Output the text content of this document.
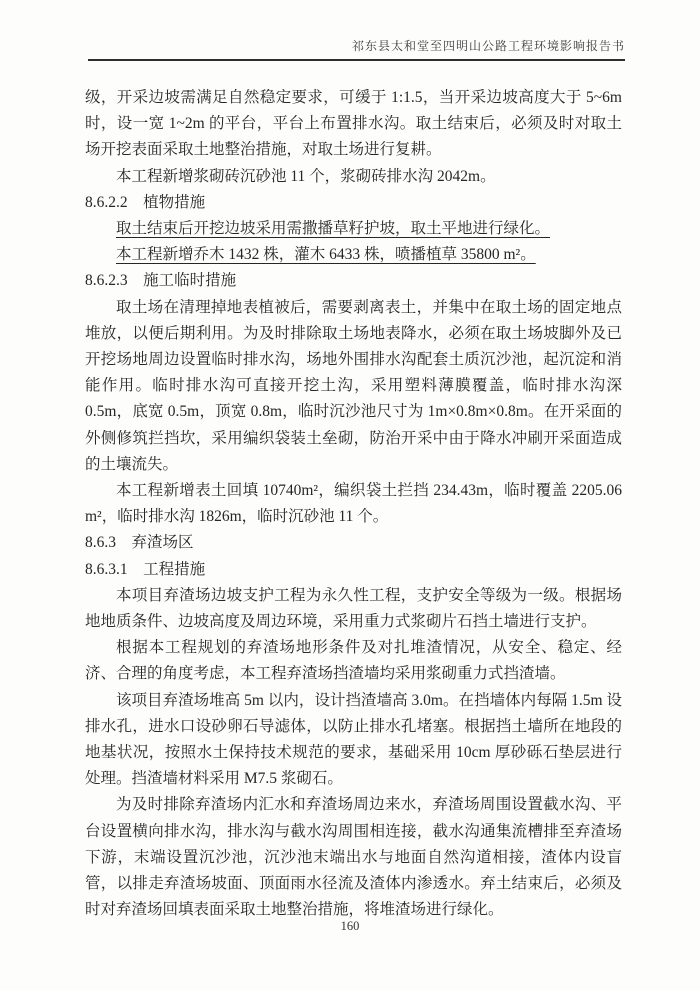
祁东县太和堂至四明山公路工程环境影响报告书

级，开采边坡需满足自然稳定要求，可缓于 1:1.5，当开采边坡高度大于 5~6m 时，设一宽 1~2m 的平台，平台上布置排水沟。取土结束后，必须及时对取土场开挖表面采取土地整治措施，对取土场进行复耕。

本工程新增浆砌砖沉砂池 11 个，浆砌砖排水沟 2042m。

8.6.2.2　植物措施

取土结束后开挖边坡采用需撒播草籽护坡，取土平地进行绿化。

本工程新增乔木 1432 株，灌木 6433 株，喷播植草 35800 m²。

8.6.2.3　施工临时措施

取土场在清理掉地表植被后，需要剥离表土，并集中在取土场的固定地点堆放，以便后期利用。为及时排除取土场地表降水，必须在取土场坡脚外及已开挖场地周边设置临时排水沟，场地外围排水沟配套土质沉沙池，起沉淀和消能作用。临时排水沟可直接开挖土沟，采用塑料薄膜覆盖，临时排水沟深 0.5m，底宽 0.5m，顶宽 0.8m，临时沉沙池尺寸为 1m×0.8m×0.8m。在开采面的外侧修筑拦挡坎，采用编织袋装土垒砌，防治开采中由于降水冲刷开采面造成的土壤流失。

本工程新增表土回填 10740m²，编织袋土拦挡 234.43m，临时覆盖 2205.06 m²，临时排水沟 1826m，临时沉砂池 11 个。

8.6.3　弃渣场区
8.6.3.1　工程措施

本项目弃渣场边坡支护工程为永久性工程，支护安全等级为一级。根据场地地质条件、边坡高度及周边环境，采用重力式浆砌片石挡土墙进行支护。

根据本工程规划的弃渣场地形条件及对扎堆渣情况，从安全、稳定、经济、合理的角度考虑，本工程弃渣场挡渣墙均采用浆砌重力式挡渣墙。

该项目弃渣场堆高 5m 以内，设计挡渣墙高 3.0m。在挡墙体内每隔 1.5m 设排水孔，进水口设砂卵石导滤体，以防止排水孔堵塞。根据挡土墙所在地段的地基状况，按照水土保持技术规范的要求，基础采用 10cm 厚砂砾石垫层进行处理。挡渣墙材料采用 M7.5 浆砌石。

为及时排除弃渣场内汇水和弃渣场周边来水，弃渣场周围设置截水沟、平台设置横向排水沟，排水沟与截水沟周围相连接，截水沟通集流槽排至弃渣场下游，末端设置沉沙池，沉沙池末端出水与地面自然沟道相接，渣体内设盲管，以排走弃渣场坡面、顶面雨水径流及渣体内渗透水。弃土结束后，必须及时对弃渣场回填表面采取土地整治措施，将堆渣场进行绿化。

160
